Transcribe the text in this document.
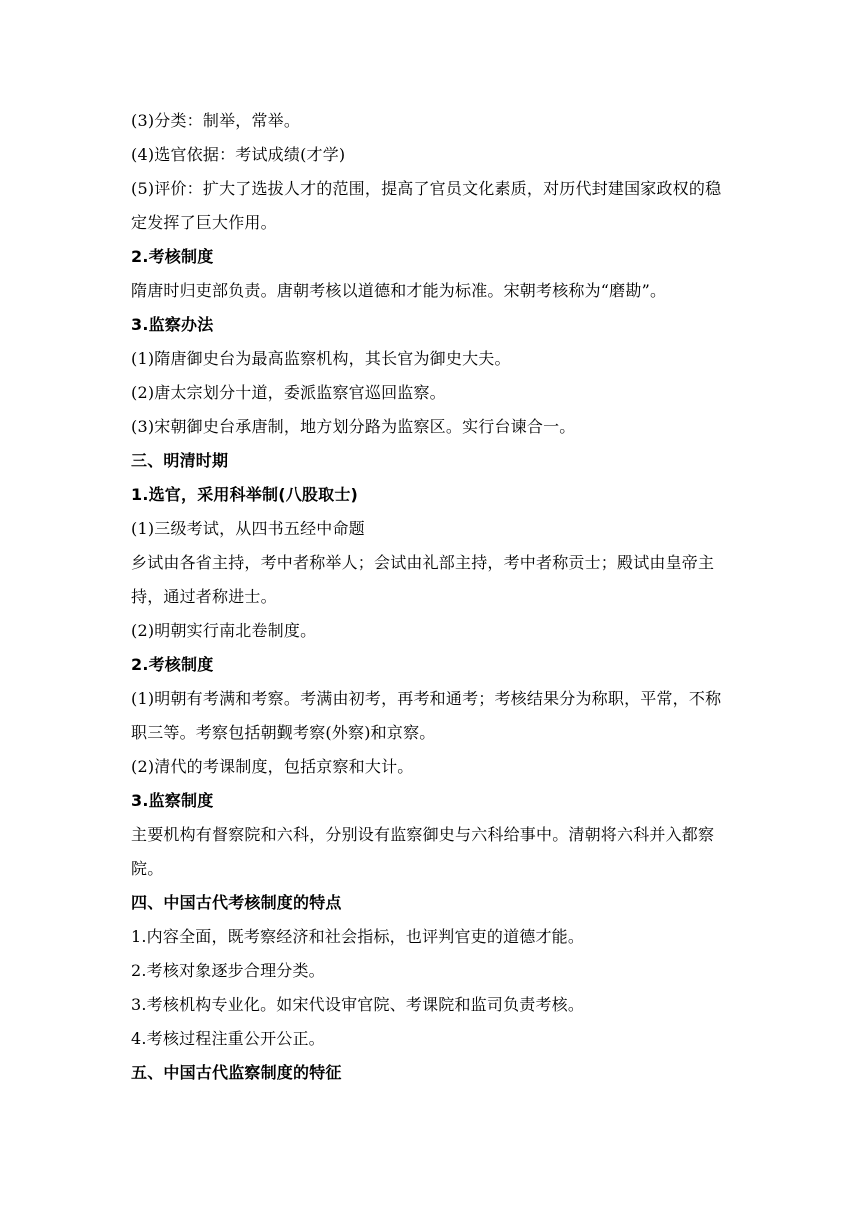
(3)分类：制举，常举。

(4)选官依据：考试成绩(才学)

(5)评价：扩大了选拔人才的范围，提高了官员文化素质，对历代封建国家政权的稳定发挥了巨大作用。

2.考核制度

隋唐时归吏部负责。唐朝考核以道德和才能为标准。宋朝考核称为“磨勘”。

3.监察办法

(1)隋唐御史台为最高监察机构，其长官为御史大夫。

(2)唐太宗划分十道，委派监察官巡回监察。

(3)宋朝御史台承唐制，地方划分路为监察区。实行台谏合一。

三、明清时期

1.选官，采用科举制(八股取士)

(1)三级考试，从四书五经中命题

乡试由各省主持，考中者称举人；会试由礼部主持，考中者称贡士；殿试由皇帝主持，通过者称进士。

(2)明朝实行南北卷制度。

2.考核制度

(1)明朝有考满和考察。考满由初考，再考和通考；考核结果分为称职，平常，不称职三等。考察包括朝觐考察(外察)和京察。

(2)清代的考课制度，包括京察和大计。

3.监察制度

主要机构有督察院和六科，分别设有监察御史与六科给事中。清朝将六科并入都察院。

四、中国古代考核制度的特点

1.内容全面，既考察经济和社会指标，也评判官吏的道德才能。

2.考核对象逐步合理分类。

3.考核机构专业化。如宋代设审官院、考课院和监司负责考核。

4.考核过程注重公开公正。

五、中国古代监察制度的特征
